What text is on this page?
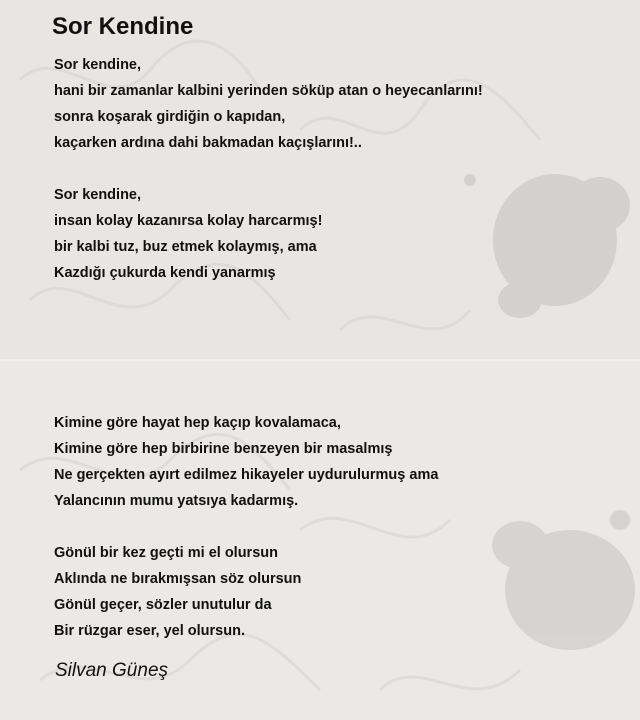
Sor Kendine
Sor kendine,
hani bir zamanlar kalbini yerinden söküp atan o heyecanlarını!
sonra koşarak girdiğin o kapıdan,
kaçarken ardına dahi bakmadan kaçışlarını!..
Sor kendine,
insan kolay kazanırsa kolay harcarmış!
bir kalbi tuz, buz etmek kolaymış, ama
Kazdığı çukurda kendi yanarmış
Kimine göre hayat hep kaçıp kovalamaca,
Kimine göre hep birbirine benzeyen bir masalmış
Ne gerçekten ayırt edilmez hikayeler uydurulurmuş ama
Yalancının mumu yatsıya kadarmış.
Gönül bir kez geçti mi el olursun
Aklında ne bırakmışsan söz olursun
Gönül geçer, sözler unutulur da
Bir rüzgar eser, yel olursun.

Silvan Güneş
